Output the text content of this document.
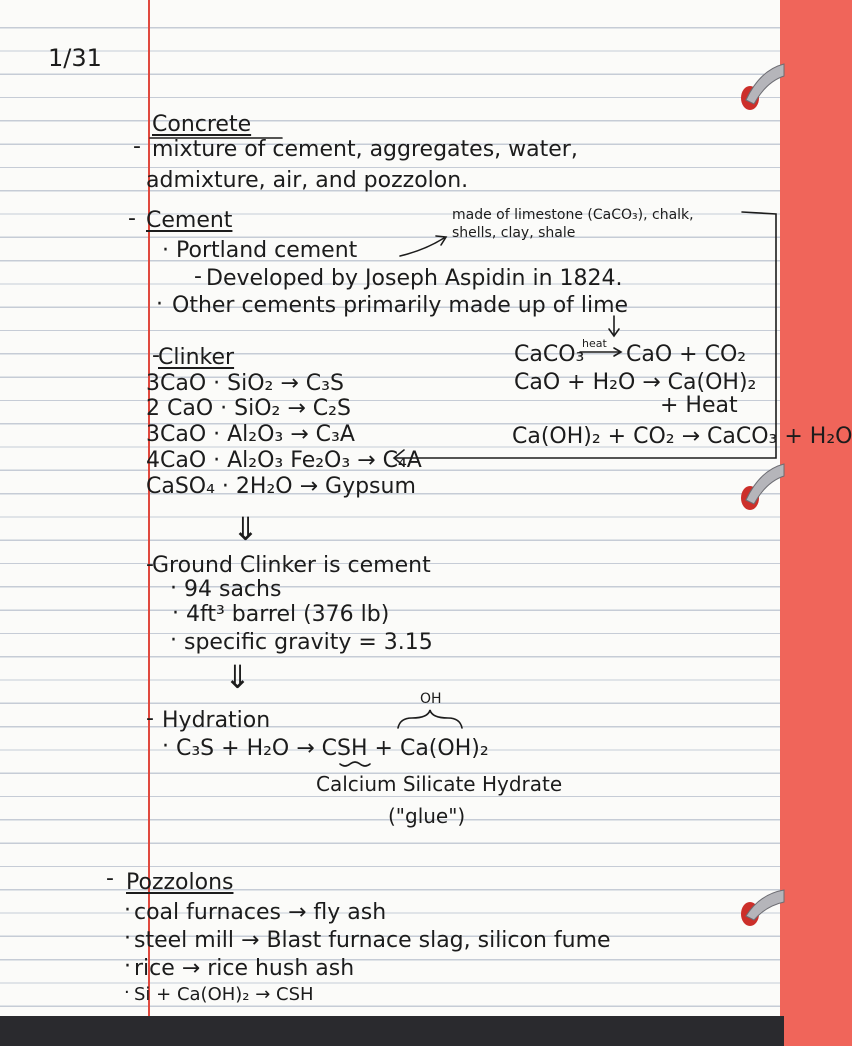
1/31
Concrete
- mixture of cement, aggregates, water,
admixture, air, and pozzolon.
- Cement
· Portland cement
made of limestone (CaCO₃), chalk,
shells, clay, shale
- Developed by Joseph Aspidin in 1824.
· Other cements primarily made up of lime
Clinker
-
3CaO · SiO₂ → C₃S
2 CaO · SiO₂ → C₂S
3CaO · Al₂O₃ → C₃A
4CaO · Al₂O₃ Fe₂O₃ → C₄A
CaSO₄ · 2H₂O → Gypsum
CaCO₃
heat CaO + CO₂
CaO + H₂O → Ca(OH)₂
+ Heat
Ca(OH)₂ + CO₂ → CaCO₃ + H₂O
⇓
Ground Clinker is cement
-
· 94 sachs
· 4ft³ barrel (376 lb)
· specific gravity = 3.15
⇓
- Hydration
OH
· C₃S + H₂O → CSH + Ca(OH)₂
Calcium Silicate Hydrate
("glue")
- Pozzolons
· coal furnaces → fly ash
· steel mill → Blast furnace slag, silicon fume
· rice → rice hush ash
· Si + Ca(OH)₂ → CSH
